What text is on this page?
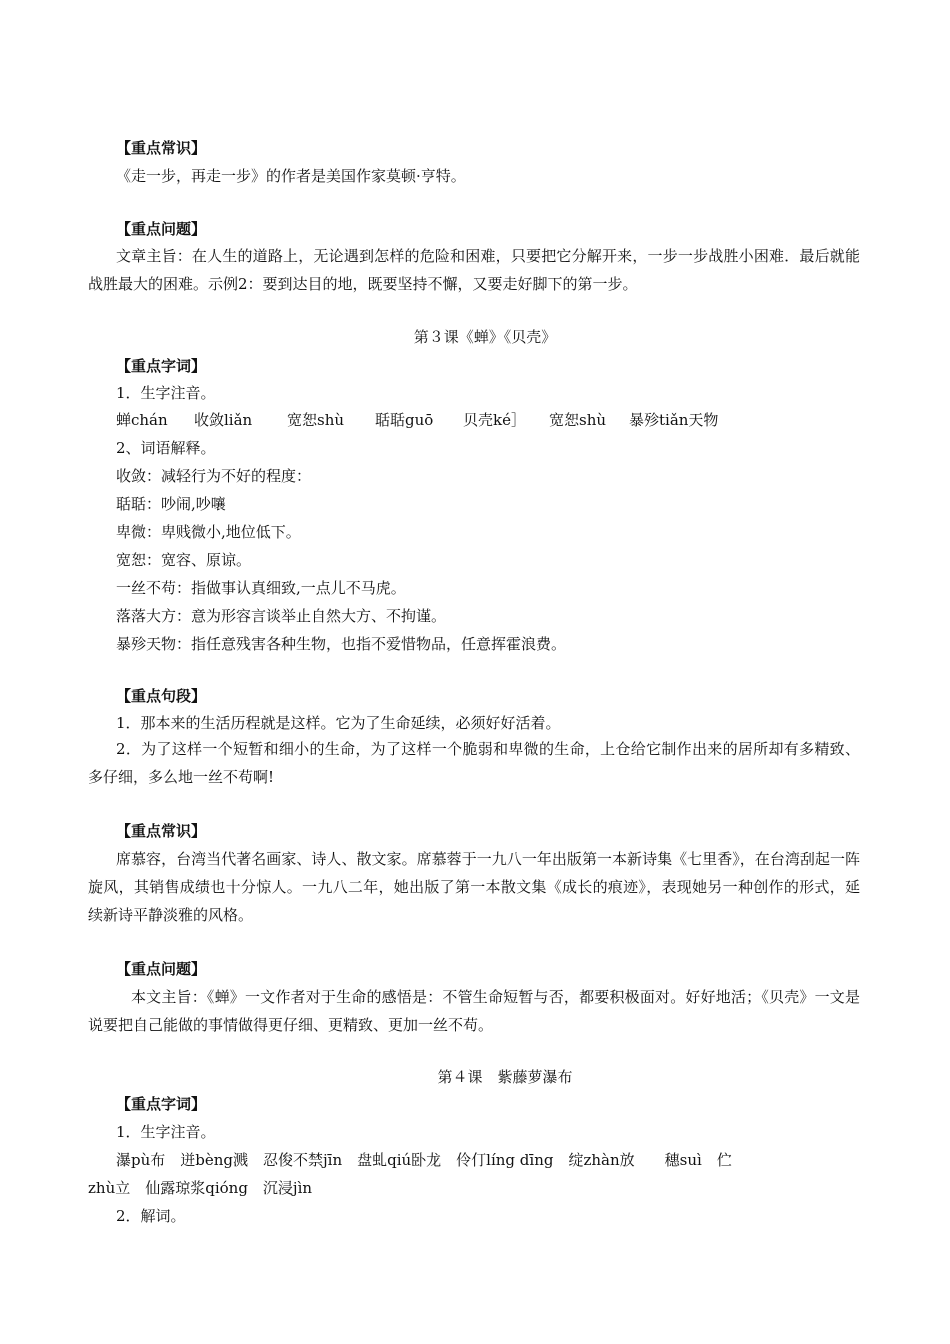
【重点常识】
《走一步，再走一步》的作者是美国作家莫顿·亨特。
【重点问题】
文章主旨：在人生的道路上，无论遇到怎样的危险和困难，只要把它分解开来，一步一步战胜小困难．最后就能战胜最大的困难。示例2：要到达目的地，既要坚持不懈，又要走好脚下的第一步。
第３课《蝉》《贝壳》
【重点字词】
1．生字注音。
蝉chán 收敛liǎn 宽恕shù 聒聒guō 贝壳ké］ 宽恕shù 暴殄tiǎn天物
2、词语解释。
收敛：减轻行为不好的程度：
聒聒：吵闹,吵嚷
卑微：卑贱微小,地位低下。
宽恕：宽容、原谅。
一丝不苟：指做事认真细致,一点儿不马虎。
落落大方：意为形容言谈举止自然大方、不拘谨。
暴殄天物：指任意残害各种生物，也指不爱惜物品，任意挥霍浪费。
【重点句段】
1．那本来的生活历程就是这样。它为了生命延续，必须好好活着。
2．为了这样一个短暂和细小的生命，为了这样一个脆弱和卑微的生命，上仓给它制作出来的居所却有多精致、多仔细，多么地一丝不苟啊!
【重点常识】
席慕容，台湾当代著名画家、诗人、散文家。席慕蓉于一九八一年出版第一本新诗集《七里香》，在台湾刮起一阵旋风，其销售成绩也十分惊人。一九八二年，她出版了第一本散文集《成长的痕迹》，表现她另一种创作的形式，延续新诗平静淡雅的风格。
【重点问题】
本文主旨：《蝉》一文作者对于生命的感悟是：不管生命短暂与否，都要积极面对。好好地活；《贝壳》一文是说要把自己能做的事情做得更仔细、更精致、更加一丝不苟。
第４课　紫藤萝瀑布
【重点字词】
1．生字注音。
瀑pù布　迸bèng溅　忍俊不禁jīn　盘虬qiú卧龙　伶仃líng dīng　绽zhàn放　　穗suì　伫
zhù立　仙露琼浆qióng　沉浸jìn
2．解词。
